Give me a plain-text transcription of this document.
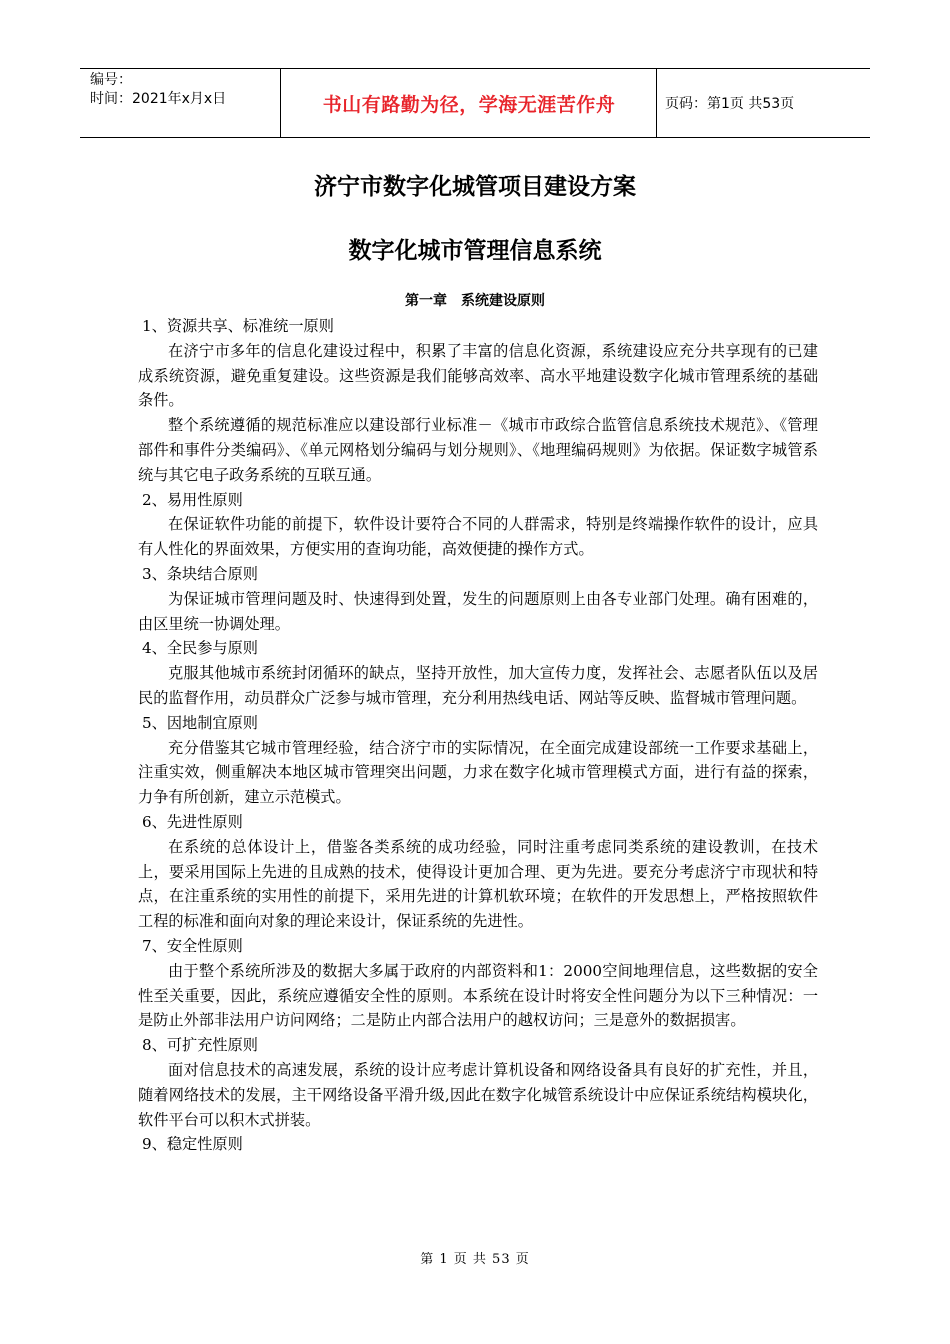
编号：
时间：2021年x月x日	书山有路勤为径，学海无涯苦作舟	页码：第1页 共53页
济宁市数字化城管项目建设方案
数字化城市管理信息系统
第一章　系统建设原则
1、资源共享、标准统一原则
在济宁市多年的信息化建设过程中，积累了丰富的信息化资源，系统建设应充分共享现有的已建成系统资源，避免重复建设。这些资源是我们能够高效率、高水平地建设数字化城市管理系统的基础条件。
整个系统遵循的规范标准应以建设部行业标准－《城市市政综合监管信息系统技术规范》、《管理部件和事件分类编码》、《单元网格划分编码与划分规则》、《地理编码规则》为依据。保证数字城管系统与其它电子政务系统的互联互通。
2、易用性原则
在保证软件功能的前提下，软件设计要符合不同的人群需求，特别是终端操作软件的设计，应具有人性化的界面效果，方便实用的查询功能，高效便捷的操作方式。
3、条块结合原则
为保证城市管理问题及时、快速得到处置，发生的问题原则上由各专业部门处理。确有困难的，由区里统一协调处理。
4、全民参与原则
克服其他城市系统封闭循环的缺点，坚持开放性，加大宣传力度，发挥社会、志愿者队伍以及居民的监督作用，动员群众广泛参与城市管理，充分利用热线电话、网站等反映、监督城市管理问题。
5、因地制宜原则
充分借鉴其它城市管理经验，结合济宁市的实际情况，在全面完成建设部统一工作要求基础上，注重实效，侧重解决本地区城市管理突出问题，力求在数字化城市管理模式方面，进行有益的探索，力争有所创新，建立示范模式。
6、先进性原则
在系统的总体设计上，借鉴各类系统的成功经验，同时注重考虑同类系统的建设教训，在技术上，要采用国际上先进的且成熟的技术，使得设计更加合理、更为先进。要充分考虑济宁市现状和特点，在注重系统的实用性的前提下，采用先进的计算机软环境；在软件的开发思想上，严格按照软件工程的标准和面向对象的理论来设计，保证系统的先进性。
7、安全性原则
由于整个系统所涉及的数据大多属于政府的内部资料和1：2000空间地理信息，这些数据的安全性至关重要，因此，系统应遵循安全性的原则。本系统在设计时将安全性问题分为以下三种情况：一是防止外部非法用户访问网络；二是防止内部合法用户的越权访问；三是意外的数据损害。
8、可扩充性原则
面对信息技术的高速发展，系统的设计应考虑计算机设备和网络设备具有良好的扩充性，并且，随着网络技术的发展，主干网络设备平滑升级,因此在数字化城管系统设计中应保证系统结构模块化，软件平台可以积木式拼装。
9、稳定性原则
第 1 页 共 53 页
